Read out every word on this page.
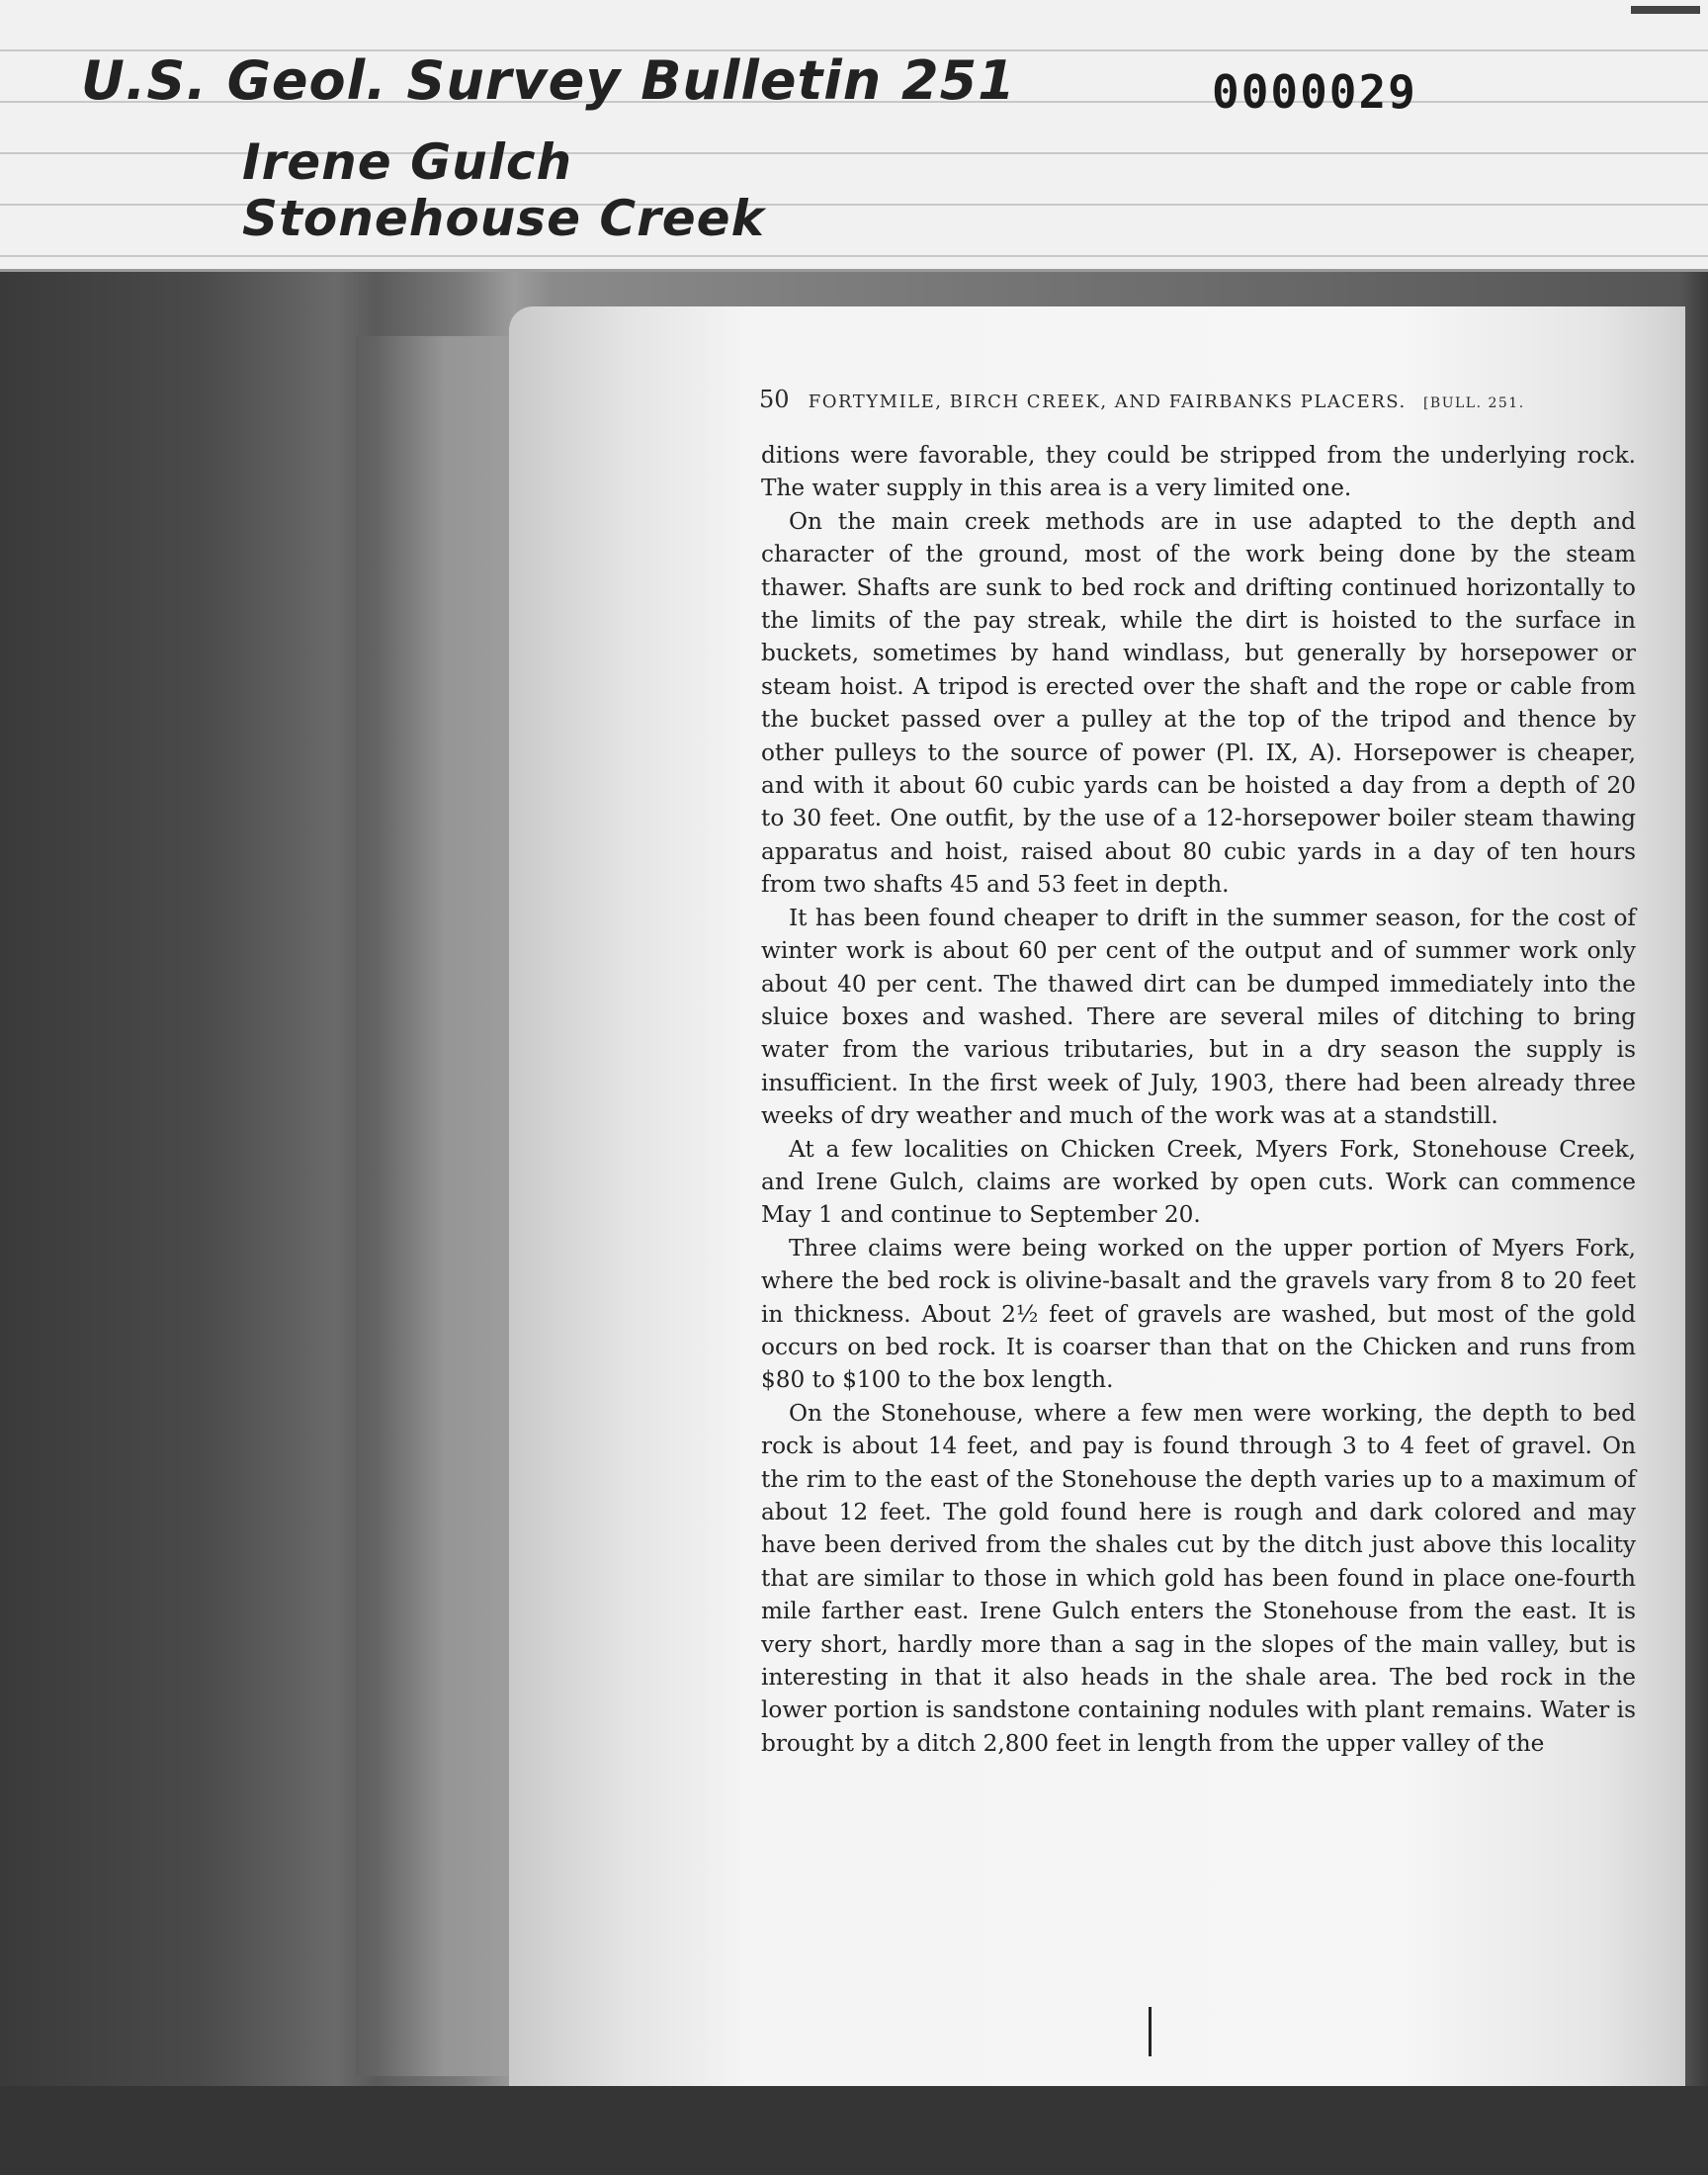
U.S. Geol. Survey Bulletin 251
Irene Gulch
Stonehouse Creek
0000029
50 FORTYMILE, BIRCH CREEK, AND FAIRBANKS PLACERS. [BULL. 251.

ditions were favorable, they could be stripped from the underlying rock. The water supply in this area is a very limited one.

On the main creek methods are in use adapted to the depth and character of the ground, most of the work being done by the steam thawer. Shafts are sunk to bed rock and drifting continued horizontally to the limits of the pay streak, while the dirt is hoisted to the surface in buckets, sometimes by hand windlass, but generally by horsepower or steam hoist. A tripod is erected over the shaft and the rope or cable from the bucket passed over a pulley at the top of the tripod and thence by other pulleys to the source of power (Pl. IX, A). Horsepower is cheaper, and with it about 60 cubic yards can be hoisted a day from a depth of 20 to 30 feet. One outfit, by the use of a 12-horsepower boiler steam thawing apparatus and hoist, raised about 80 cubic yards in a day of ten hours from two shafts 45 and 53 feet in depth.

It has been found cheaper to drift in the summer season, for the cost of winter work is about 60 per cent of the output and of summer work only about 40 per cent. The thawed dirt can be dumped immediately into the sluice boxes and washed. There are several miles of ditching to bring water from the various tributaries, but in a dry season the supply is insufficient. In the first week of July, 1903, there had been already three weeks of dry weather and much of the work was at a standstill.

At a few localities on Chicken Creek, Myers Fork, Stonehouse Creek, and Irene Gulch, claims are worked by open cuts. Work can commence May 1 and continue to September 20.

Three claims were being worked on the upper portion of Myers Fork, where the bed rock is olivine-basalt and the gravels vary from 8 to 20 feet in thickness. About 2½ feet of gravels are washed, but most of the gold occurs on bed rock. It is coarser than that on the Chicken and runs from $80 to $100 to the box length.

On the Stonehouse, where a few men were working, the depth to bed rock is about 14 feet, and pay is found through 3 to 4 feet of gravel. On the rim to the east of the Stonehouse the depth varies up to a maximum of about 12 feet. The gold found here is rough and dark colored and may have been derived from the shales cut by the ditch just above this locality that are similar to those in which gold has been found in place one-fourth mile farther east. Irene Gulch enters the Stonehouse from the east. It is very short, hardly more than a sag in the slopes of the main valley, but is interesting in that it also heads in the shale area. The bed rock in the lower portion is sandstone containing nodules with plant remains. Water is brought by a ditch 2,800 feet in length from the upper valley of the
